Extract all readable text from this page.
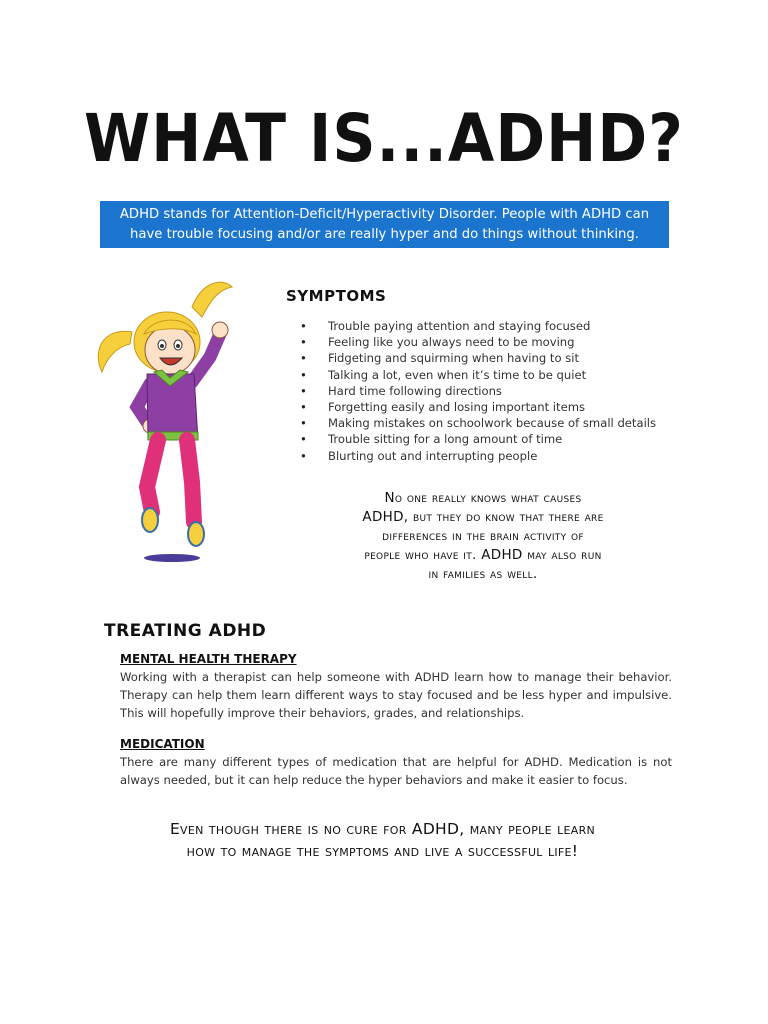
WHAT IS...ADHD?
ADHD stands for Attention-Deficit/Hyperactivity Disorder. People with ADHD can
have trouble focusing and/or are really hyper and do things without thinking.
SYMPTOMS
• Trouble paying attention and staying focused
• Feeling like you always need to be moving
• Fidgeting and squirming when having to sit
• Talking a lot, even when it’s time to be quiet
• Hard time following directions
• Forgetting easily and losing important items
• Making mistakes on schoolwork because of small details
• Trouble sitting for a long amount of time
• Blurting out and interrupting people
No one really knows what causes
ADHD, but they do know that there are
differences in the brain activity of
people who have it. ADHD may also run
in families as well.
TREATING ADHD
MENTAL HEALTH THERAPY
Working with a therapist can help someone with ADHD learn how to manage their behavior. Therapy can help them learn different ways to stay focused and be less hyper and impulsive. This will hopefully improve their behaviors, grades, and relationships.
MEDICATION
There are many different types of medication that are helpful for ADHD. Medication is not always needed, but it can help reduce the hyper behaviors and make it easier to focus.
Even though there is no cure for ADHD, many people learn
how to manage the symptoms and live a successful life!
